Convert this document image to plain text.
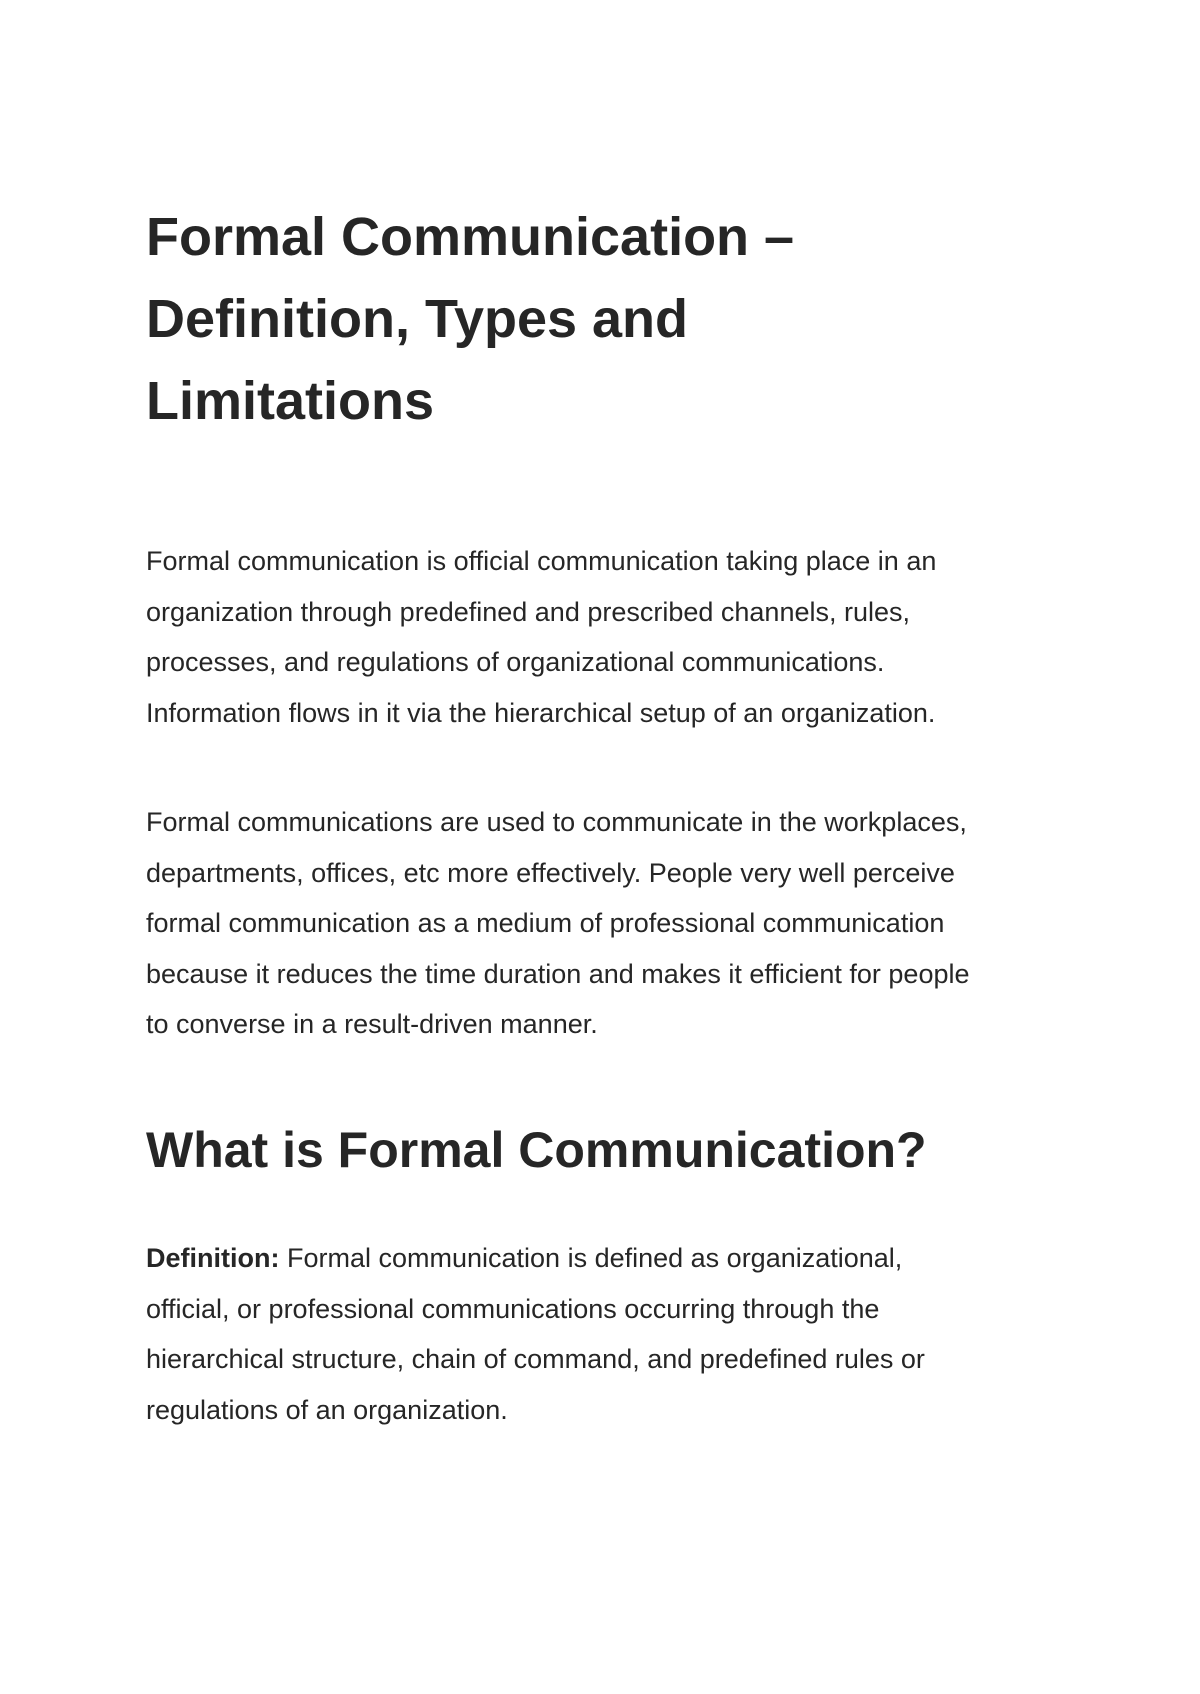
Formal Communication –
Definition, Types and
Limitations

Formal communication is official communication taking place in an
organization through predefined and prescribed channels, rules,
processes, and regulations of organizational communications.
Information flows in it via the hierarchical setup of an organization.

Formal communications are used to communicate in the workplaces,
departments, offices, etc more effectively. People very well perceive
formal communication as a medium of professional communication
because it reduces the time duration and makes it efficient for people
to converse in a result-driven manner.

What is Formal Communication?

Definition: Formal communication is defined as organizational,
official, or professional communications occurring through the
hierarchical structure, chain of command, and predefined rules or
regulations of an organization.
